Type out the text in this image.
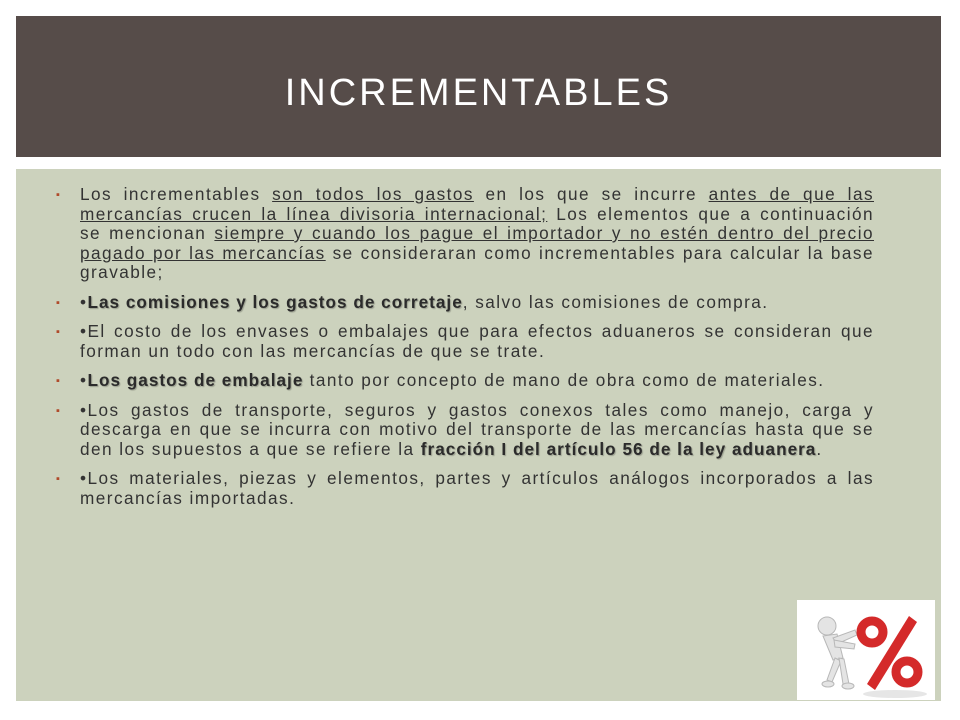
INCREMENTABLES
▪ Los incrementables son todos los gastos en los que se incurre antes de que las mercancías crucen la línea divisoria internacional; Los elementos que a continuación se mencionan siempre y cuando los pague el importador y no estén dentro del precio pagado por las mercancías se consideraran como incrementables para calcular la base gravable;
▪ •Las comisiones y los gastos de corretaje, salvo las comisiones de compra.
▪ •El costo de los envases o embalajes que para efectos aduaneros se consideran que forman un todo con las mercancías de que se trate.
▪ •Los gastos de embalaje tanto por concepto de mano de obra como de materiales.
▪ •Los gastos de transporte, seguros y gastos conexos tales como manejo, carga y descarga en que se incurra con motivo del transporte de las mercancías hasta que se den los supuestos a que se refiere la fracción I del artículo 56 de la ley aduanera.
▪ •Los materiales, piezas y elementos, partes y artículos análogos incorporados a las mercancías importadas.
